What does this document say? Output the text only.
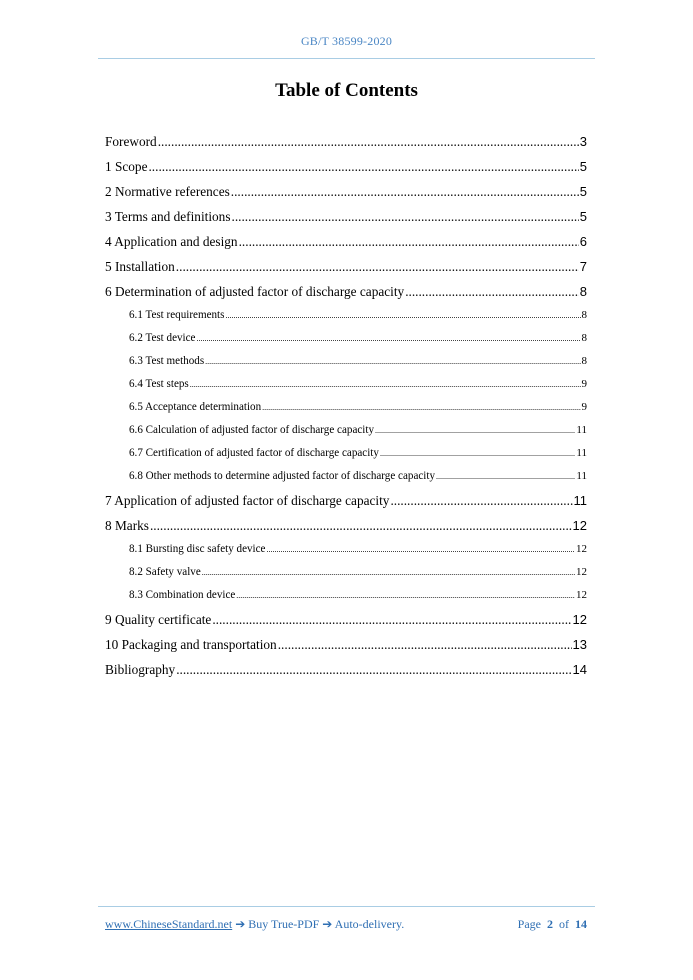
GB/T 38599-2020
Table of Contents
Foreword .....	3
1 Scope .....	5
2 Normative references .....	5
3 Terms and definitions .....	5
4 Application and design .....	6
5 Installation .....	7
6 Determination of adjusted factor of discharge capacity .....	8
6.1 Test requirements .....	8
6.2 Test device .....	8
6.3 Test methods .....	8
6.4 Test steps .....	9
6.5 Acceptance determination .....	9
6.6 Calculation of adjusted factor of discharge capacity .....	11
6.7 Certification of adjusted factor of discharge capacity .....	11
6.8 Other methods to determine adjusted factor of discharge capacity .....	11
7 Application of adjusted factor of discharge capacity .....	11
8 Marks .....	12
8.1 Bursting disc safety device .....	12
8.2 Safety valve .....	12
8.3 Combination device .....	12
9 Quality certificate .....	12
10 Packaging and transportation .....	13
Bibliography .....	14
www.ChineseStandard.net ➔ Buy True-PDF ➔ Auto-delivery.	Page 2 of 14
